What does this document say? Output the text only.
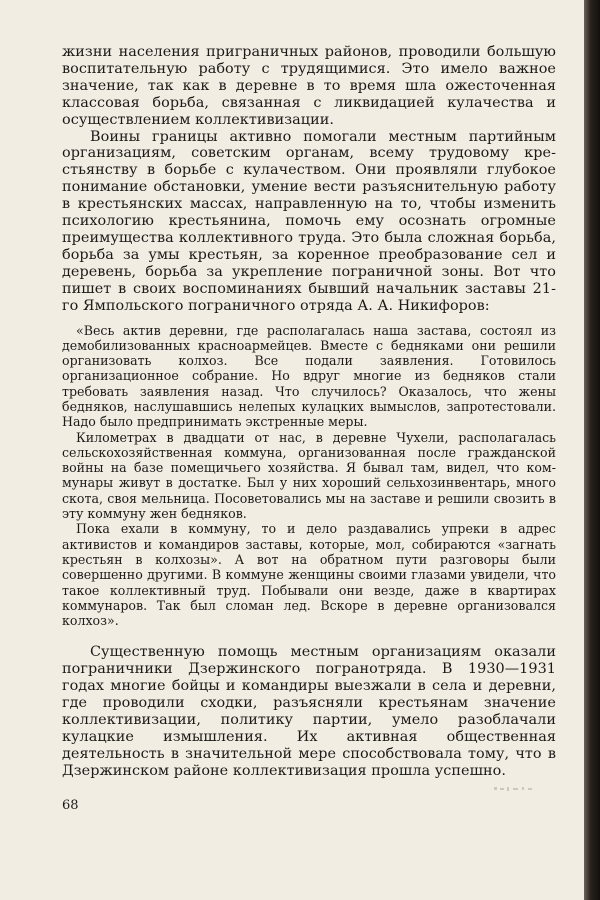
жизни населения приграничных районов, проводили большую воспитательную работу с трудящимися. Это имело важное значение, так как в деревне в то время шла ожесточенная классовая борьба, связанная с ликвидацией кулачества и осуществлением коллективизации.

Воины границы активно помогали местным партийным организациям, советским органам, всему трудовому крестьянству в борьбе с кулачеством. Они проявляли глубокое понимание обстановки, умение вести разъяснительную работу в крестьянских массах, направленную на то, чтобы изменить психологию крестьянина, помочь ему осознать огромные преимущества коллективного труда. Это была сложная борьба, борьба за умы крестьян, за коренное преобразование сел и деревень, борьба за укрепление пограничной зоны. Вот что пишет в своих воспоминаниях бывший начальник заставы 21-го Ямпольского пограничного отряда А. А. Никифоров:

«Весь актив деревни, где располагалась наша застава, состоял из демобилизованных красноармейцев. Вместе с бедняками они решили организовать колхоз. Все подали заявления. Готовилось организационное собрание. Но вдруг многие из бедняков стали требовать заявления назад. Что случилось? Оказалось, что жены бедняков, наслушавшись нелепых кулацких вымыслов, запротестовали. Надо было предпринимать экстренные меры.

Километрах в двадцати от нас, в деревне Чухели, располагалась сельскохозяйственная коммуна, организованная после гражданской войны на базе помещичьего хозяйства. Я бывал там, видел, что коммунары живут в достатке. Был у них хороший сельхозинвентарь, много скота, своя мельница. Посоветовались мы на заставе и решили свозить в эту коммуну жен бедняков.

Пока ехали в коммуну, то и дело раздавались упреки в адрес активистов и командиров заставы, которые, мол, собираются «загнать крестьян в колхозы». А вот на обратном пути разговоры были совершенно другими. В коммуне женщины своими глазами увидели, что такое коллективный труд. Побывали они везде, даже в квартирах коммунаров. Так был сломан лед. Вскоре в деревне организовался колхоз».

Существенную помощь местным организациям оказали пограничники Дзержинского погранотряда. В 1930—1931 годах многие бойцы и командиры выезжали в села и деревни, где проводили сходки, разъясняли крестьянам значение коллективизации, политику партии, умело разоблачали кулацкие измышления. Их активная общественная деятельность в значительной мере способствовала тому, что в Дзержинском районе коллективизация прошла успешно.

68
